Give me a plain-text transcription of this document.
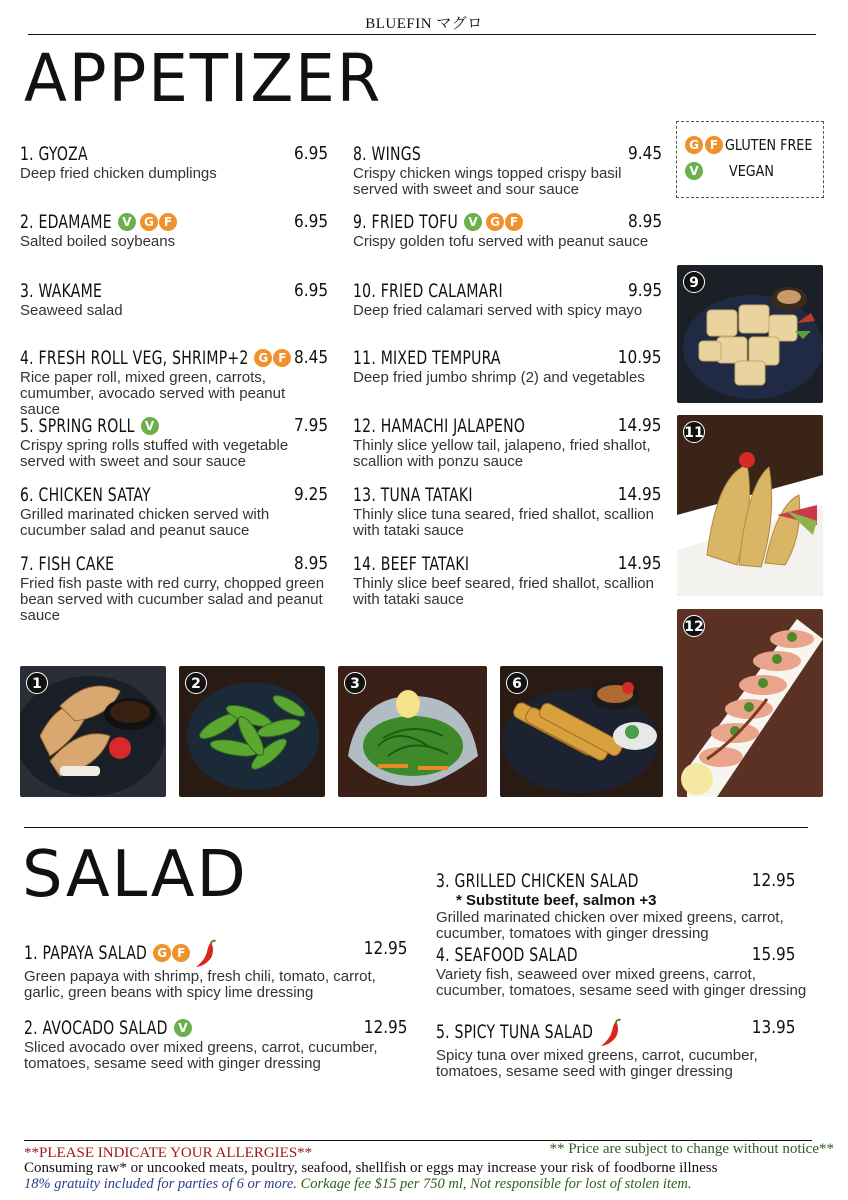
BLUEFIN マグロ
APPETIZER
G F GLUTEN FREE
V VEGAN
1. GYOZA	6.95
Deep fried chicken dumplings
2. EDAMAME V	G F	6.95
Salted boiled soybeans
3. WAKAME	6.95
Seaweed salad
4. FRESH ROLL VEG, SHRIMP+2 G F 8.45
Rice paper roll, mixed green, carrots, cumumber, avocado served with peanut sauce
5. SPRING ROLL V	7.95
Crispy spring rolls stuffed with vegetable served with sweet and sour sauce
6. CHICKEN SATAY	9.25
Grilled marinated chicken served with cucumber salad and peanut sauce
7. FISH CAKE	8.95
Fried fish paste with red curry, chopped green bean served with cucumber salad and peanut sauce
8. WINGS	9.45
Crispy chicken wings topped crispy basil served with sweet and sour sauce
9. FRIED TOFU V	G F	8.95
Crispy golden tofu served with peanut sauce
10. FRIED CALAMARI	9.95
Deep fried calamari served with spicy mayo
11. MIXED TEMPURA	10.95
Deep fried jumbo shrimp (2) and vegetables
12. HAMACHI JALAPENO	14.95
Thinly slice yellow tail, jalapeno, fried shallot, scallion with ponzu sauce
13. TUNA TATAKI	14.95
Thinly slice tuna seared, fried shallot, scallion with tataki sauce
14. BEEF TATAKI	14.95
Thinly slice beef seared, fried shallot, scallion with tataki sauce
9
11
12
1	2	3	6
SALAD
1. PAPAYA SALAD G F	12.95
Green papaya with shrimp, fresh chili, tomato, carrot, garlic, green beans with spicy lime dressing
2. AVOCADO SALAD V	12.95
Sliced avocado over mixed greens, carrot, cucumber, tomatoes, sesame seed with ginger dressing
3. GRILLED CHICKEN SALAD	12.95
* Substitute beef, salmon +3
Grilled marinated chicken over mixed greens, carrot, cucumber, tomatoes with ginger dressing
4. SEAFOOD SALAD	15.95
Variety fish, seaweed over mixed greens, carrot, cucumber, tomatoes, sesame seed with ginger dressing
5. SPICY TUNA SALAD	13.95
Spicy tuna over mixed greens, carrot, cucumber, tomatoes, sesame seed with ginger dressing
**PLEASE INDICATE YOUR ALLERGIES**	** Price are subject to change without notice**
Consuming raw* or uncooked meats, poultry, seafood, shellfish or eggs may increase your risk of foodborne illness
18% gratuity included for parties of 6 or more. Corkage fee $15 per 750 ml, Not responsible for lost of stolen item.
